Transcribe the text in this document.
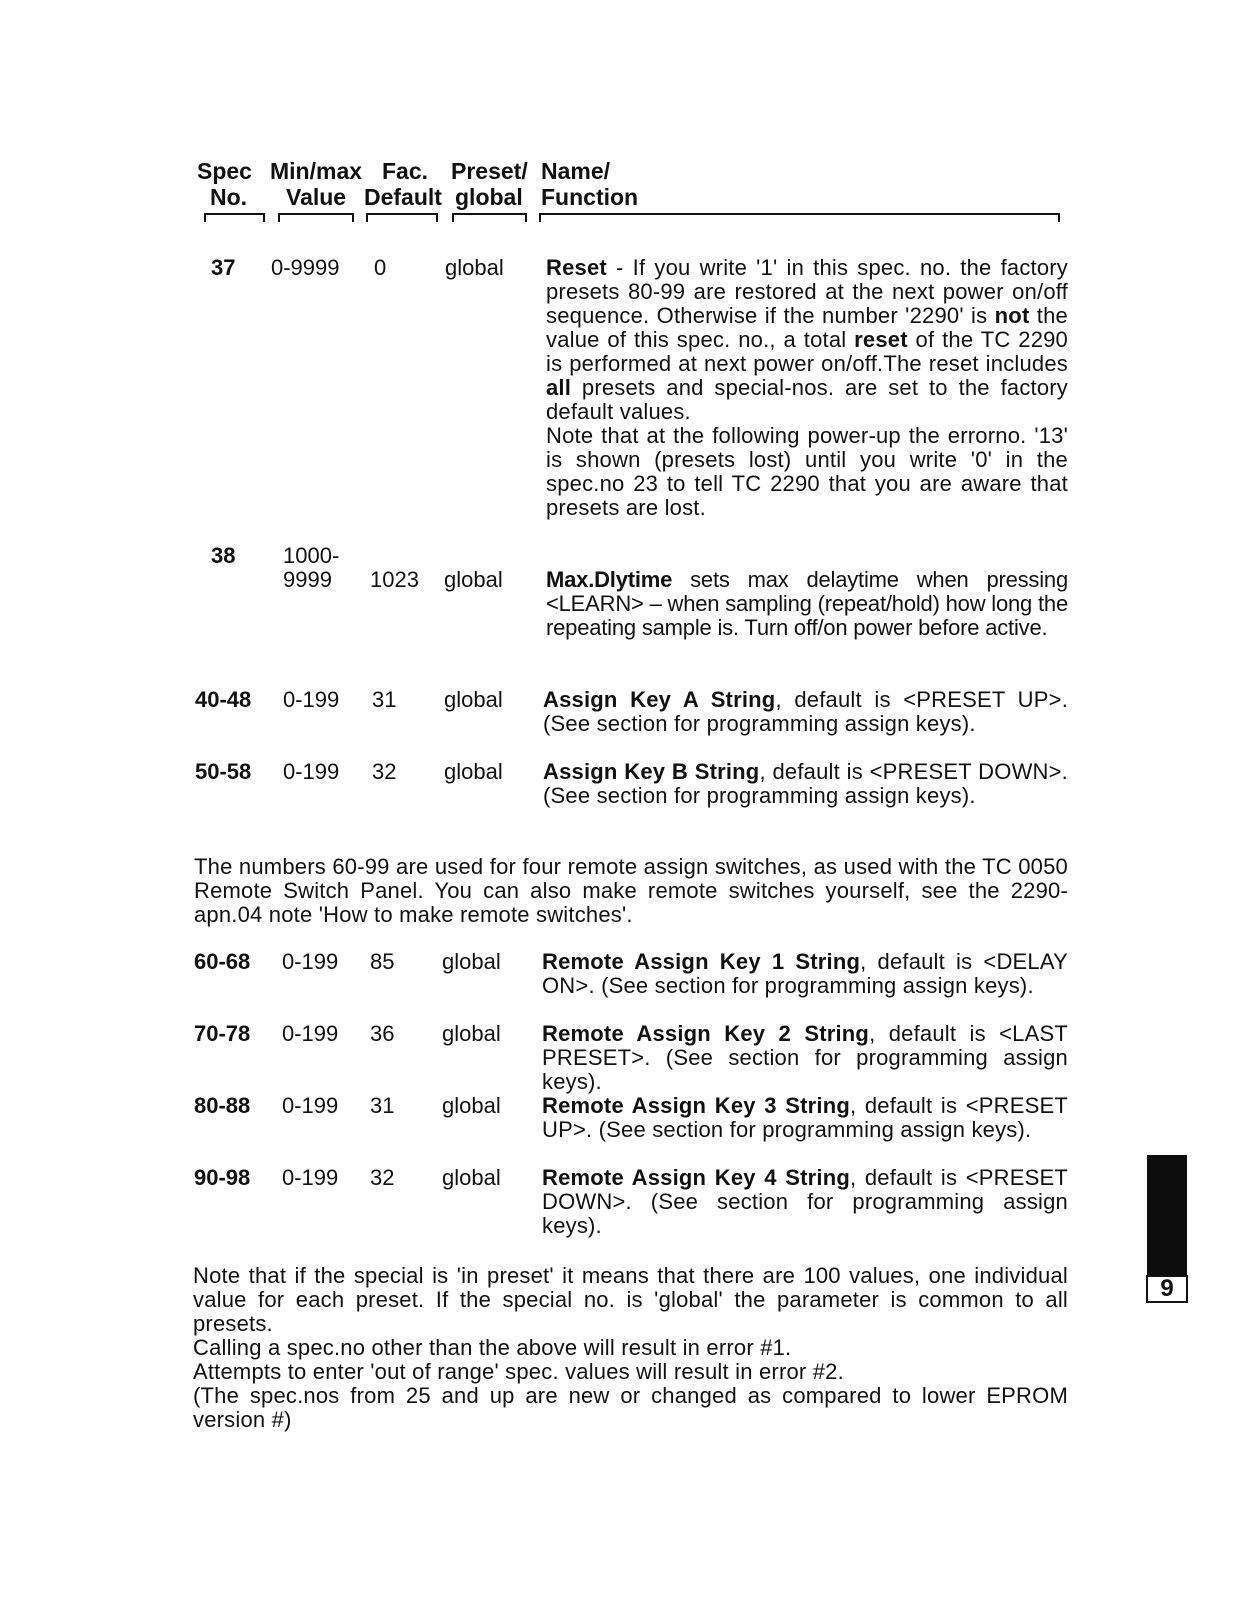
Spec
No.
Min/max
Value
Fac.
Default
Preset/
global
Name/
Function
37 0-9999 0	global Reset - If you write '1' in this spec. no. the factory presets 80-99 are restored at the next power on/off sequence. Otherwise if the number '2290' is not the value of this spec. no., a total reset of the TC 2290 is performed at next power on/off.The reset includes all presets and special-nos. are set to the factory default values.
Note that at the following power-up the errorno. '13' is shown (presets lost) until you write '0' in the spec.no 23 to tell TC 2290 that you are aware that presets are lost.
38 1000-
9999 1023 global Max.Dlytime sets max delaytime when pressing <LEARN> – when sampling (repeat/hold) how long the repeating sample is. Turn off/on power before active.
40-48 0-199 31 global Assign Key A String, default is <PRESET UP>. (See section for programming assign keys).
50-58 0-199 32 global Assign Key B String, default is <PRESET DOWN>. (See section for programming assign keys).
The numbers 60-99 are used for four remote assign switches, as used with the TC 0050 Remote Switch Panel. You can also make remote switches yourself, see the 2290-apn.04 note 'How to make remote switches'.
60-68 0-199 85 global Remote Assign Key 1 String, default is <DELAY ON>. (See section for programming assign keys).
70-78 0-199 36 global Remote Assign Key 2 String, default is <LAST PRESET>. (See section for programming assign keys).
80-88 0-199 31 global Remote Assign Key 3 String, default is <PRESET UP>. (See section for programming assign keys).
90-98 0-199 32 global Remote Assign Key 4 String, default is <PRESET DOWN>. (See section for programming assign keys).
Note that if the special is 'in preset' it means that there are 100 values, one individual value for each preset. If the special no. is 'global' the parameter is common to all presets.
Calling a spec.no other than the above will result in error #1.
Attempts to enter 'out of range' spec. values will result in error #2.
(The spec.nos from 25 and up are new or changed as compared to lower EPROM version #)
9
